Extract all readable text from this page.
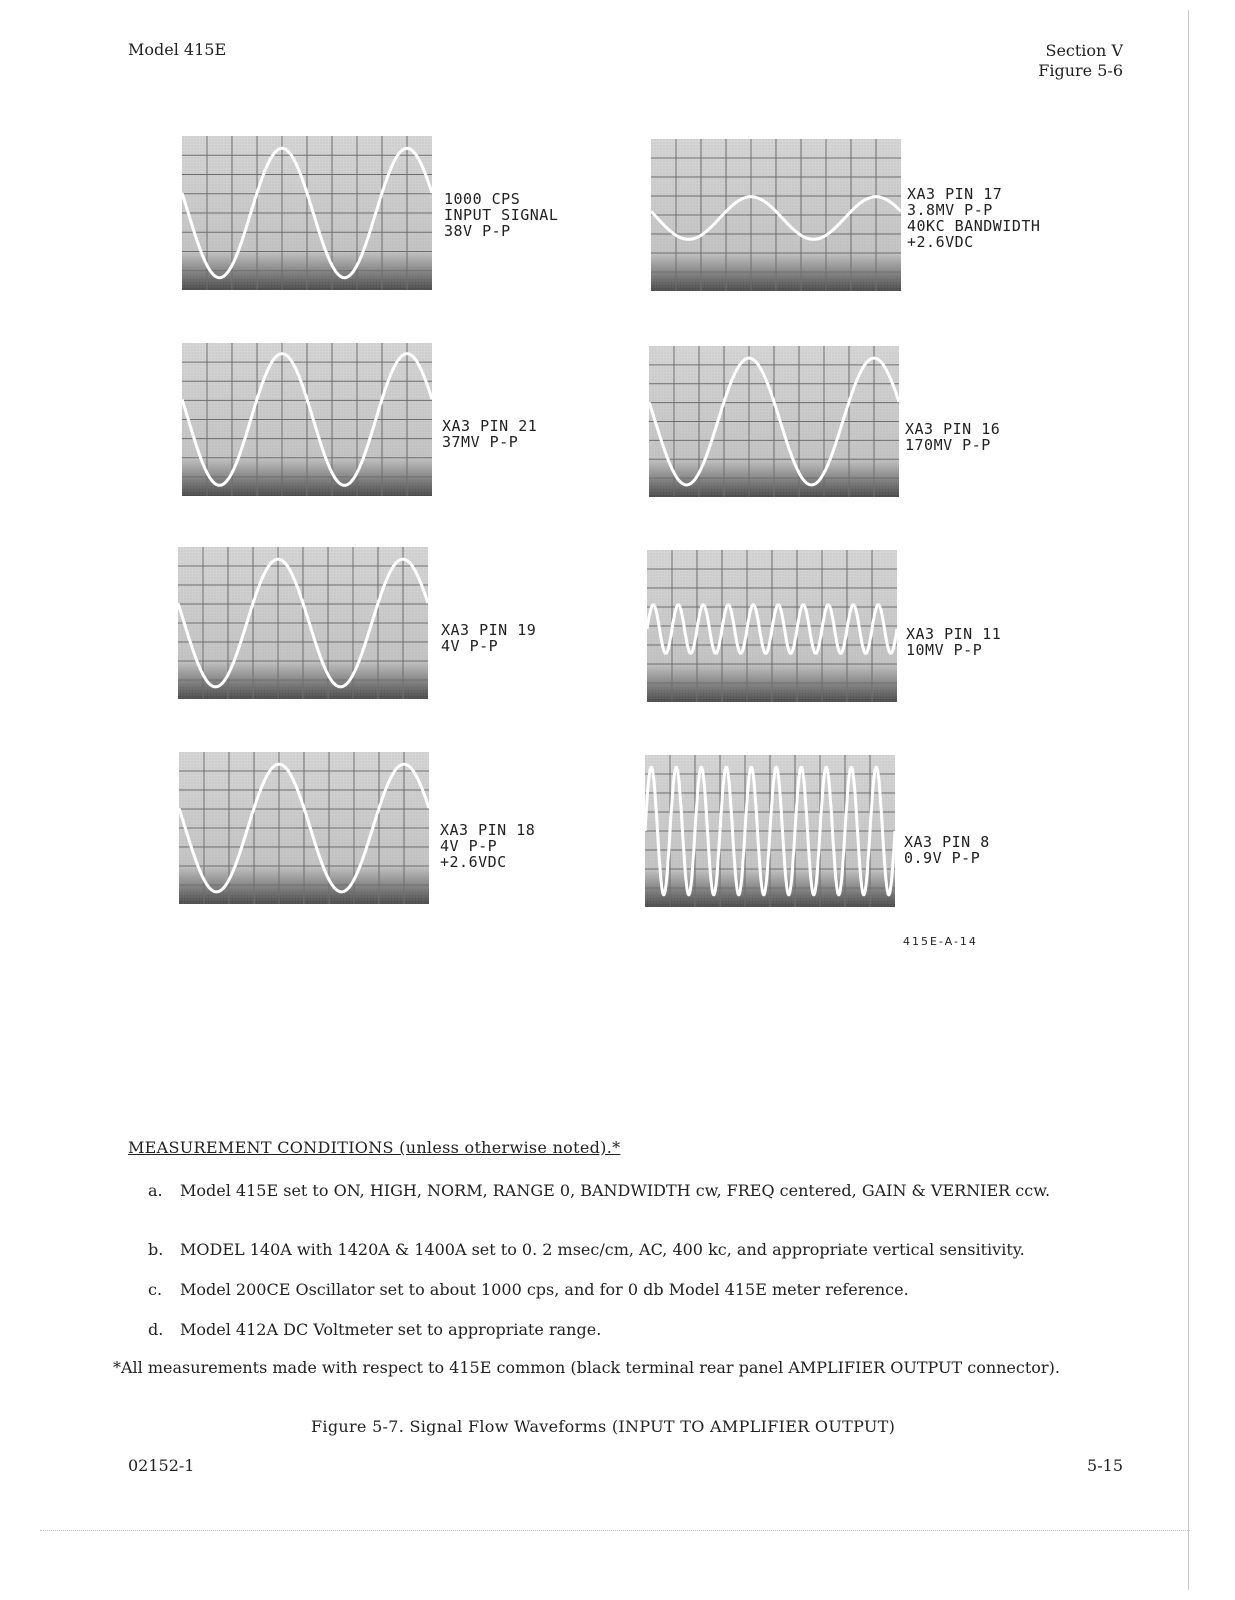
Model 415E	Section V
Figure 5-6
1000 CPS
INPUT SIGNAL
38V P-P
XA3 PIN 17
3.8MV P-P
40KC BANDWIDTH
+2.6VDC
XA3 PIN 21
37MV P-P
XA3 PIN 16
170MV P-P
XA3 PIN 19
4V P-P
XA3 PIN 11
10MV P-P
XA3 PIN 18
4V P-P
+2.6VDC
XA3 PIN 8
0.9V P-P
415E-A-14
MEASUREMENT CONDITIONS (unless otherwise noted).*
a. Model 415E set to ON, HIGH, NORM, RANGE 0, BANDWIDTH cw, FREQ centered, GAIN & VERNIER ccw.
b. MODEL 140A with 1420A & 1400A set to 0. 2 msec/cm, AC, 400 kc, and appropriate vertical sensitivity.
c. Model 200CE Oscillator set to about 1000 cps, and for 0 db Model 415E meter reference.
d. Model 412A DC Voltmeter set to appropriate range.
*All measurements made with respect to 415E common (black terminal rear panel AMPLIFIER OUTPUT connector).
Figure 5-7. Signal Flow Waveforms (INPUT TO AMPLIFIER OUTPUT)
02152-1	5-15
